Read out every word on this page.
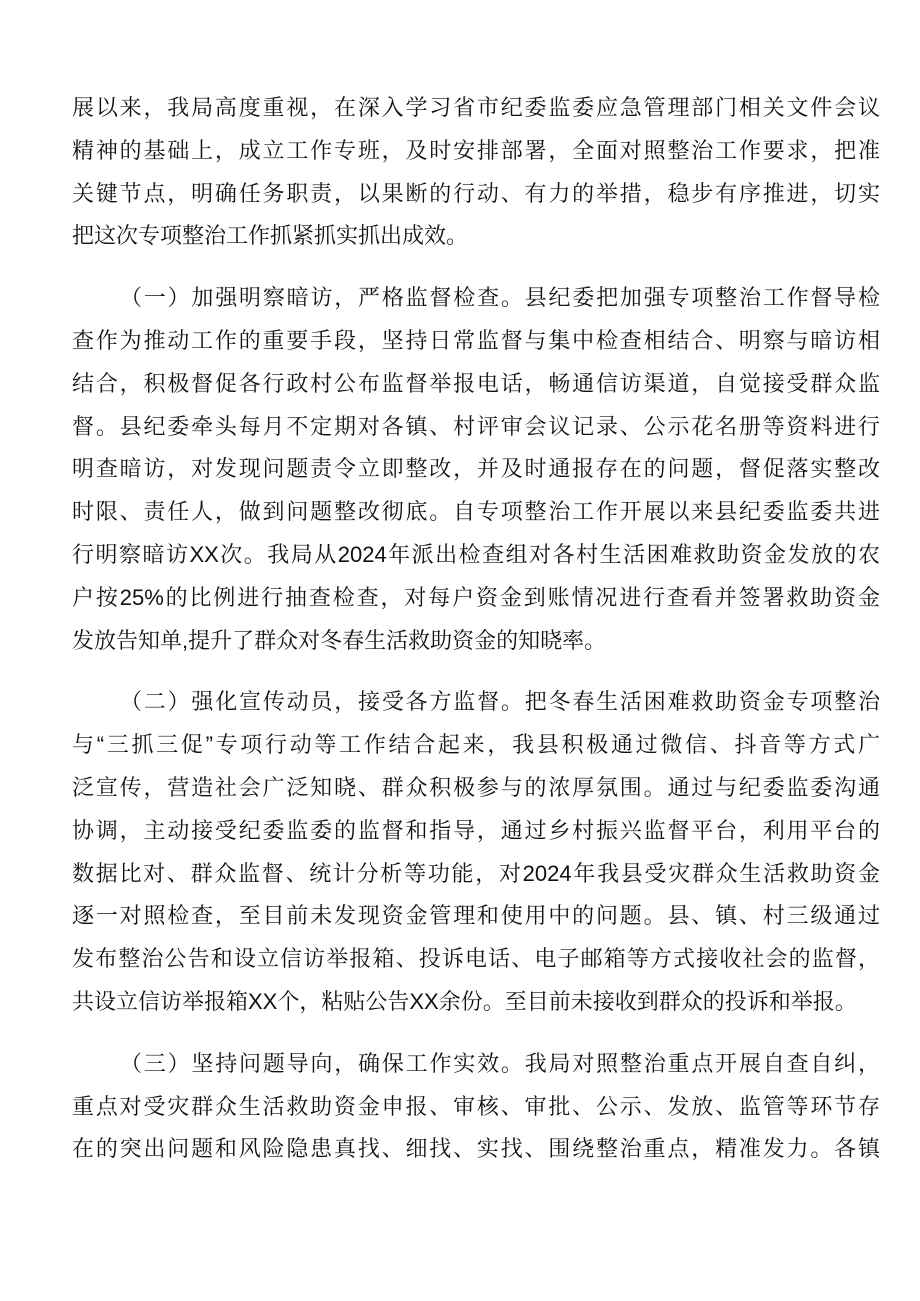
展以来，我局高度重视，在深入学习省市纪委监委应急管理部门相关文件会议
精神的基础上，成立工作专班，及时安排部署，全面对照整治工作要求，把准
关键节点，明确任务职责，以果断的行动、有力的举措，稳步有序推进，切实
把这次专项整治工作抓紧抓实抓出成效。
（一）加强明察暗访，严格监督检查。县纪委把加强专项整治工作督导检
查作为推动工作的重要手段，坚持日常监督与集中检查相结合、明察与暗访相
结合，积极督促各行政村公布监督举报电话，畅通信访渠道，自觉接受群众监
督。县纪委牵头每月不定期对各镇、村评审会议记录、公示花名册等资料进行
明查暗访，对发现问题责令立即整改，并及时通报存在的问题，督促落实整改
时限、责任人，做到问题整改彻底。自专项整治工作开展以来县纪委监委共进
行明察暗访XX次。我局从2024年派出检查组对各村生活困难救助资金发放的农
户按25%的比例进行抽查检查，对每户资金到账情况进行查看并签署救助资金
发放告知单,提升了群众对冬春生活救助资金的知晓率。
（二）强化宣传动员，接受各方监督。把冬春生活困难救助资金专项整治
与“三抓三促”专项行动等工作结合起来，我县积极通过微信、抖音等方式广
泛宣传，营造社会广泛知晓、群众积极参与的浓厚氛围。通过与纪委监委沟通
协调，主动接受纪委监委的监督和指导，通过乡村振兴监督平台，利用平台的
数据比对、群众监督、统计分析等功能，对2024年我县受灾群众生活救助资金
逐一对照检查，至目前未发现资金管理和使用中的问题。县、镇、村三级通过
发布整治公告和设立信访举报箱、投诉电话、电子邮箱等方式接收社会的监督，
共设立信访举报箱XX个，粘贴公告XX余份。至目前未接收到群众的投诉和举报。
（三）坚持问题导向，确保工作实效。我局对照整治重点开展自查自纠，
重点对受灾群众生活救助资金申报、审核、审批、公示、发放、监管等环节存
在的突出问题和风险隐患真找、细找、实找、围绕整治重点，精准发力。各镇
